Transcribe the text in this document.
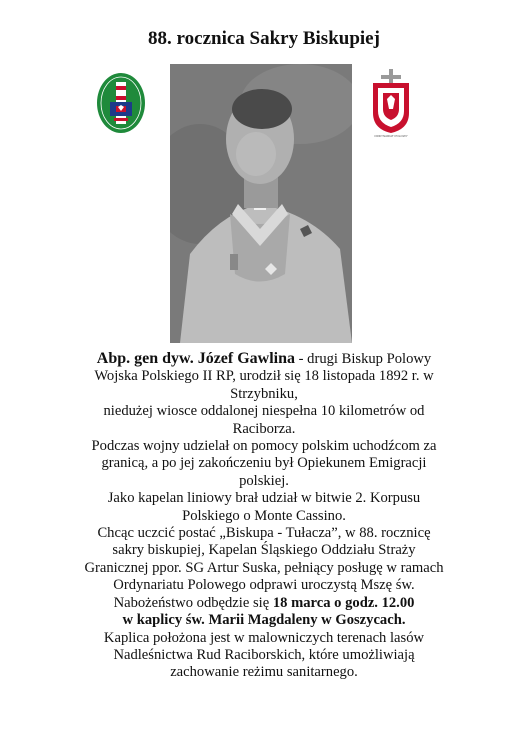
88. rocznica Sakry Biskupiej
ORDYNARIAT POLOWY

Abp. gen dyw. Józef Gawlina - drugi Biskup Polowy Wojska Polskiego II RP, urodził się 18 listopada 1892 r. w Strzybniku,

niedużej wiosce oddalonej niespełna 10 kilometrów od Raciborza.

Podczas wojny udzielał on pomocy polskim uchodźcom za granicą, a po jej zakończeniu był Opiekunem Emigracji polskiej.

Jako kapelan liniowy brał udział w bitwie 2. Korpusu Polskiego o Monte Cassino.

Chcąc uczcić postać „Biskupa - Tułacza”, w 88. rocznicę sakry biskupiej, Kapelan Śląskiego Oddziału Straży Granicznej ppor. SG Artur Suska, pełniący posługę w ramach Ordynariatu Polowego odprawi uroczystą Mszę św.

Nabożeństwo odbędzie się 18 marca o godz. 12.00

w kaplicy św. Marii Magdaleny w Goszycach.

Kaplica położona jest w malowniczych terenach lasów Nadleśnictwa Rud Raciborskich, które umożliwiają zachowanie reżimu sanitarnego.
